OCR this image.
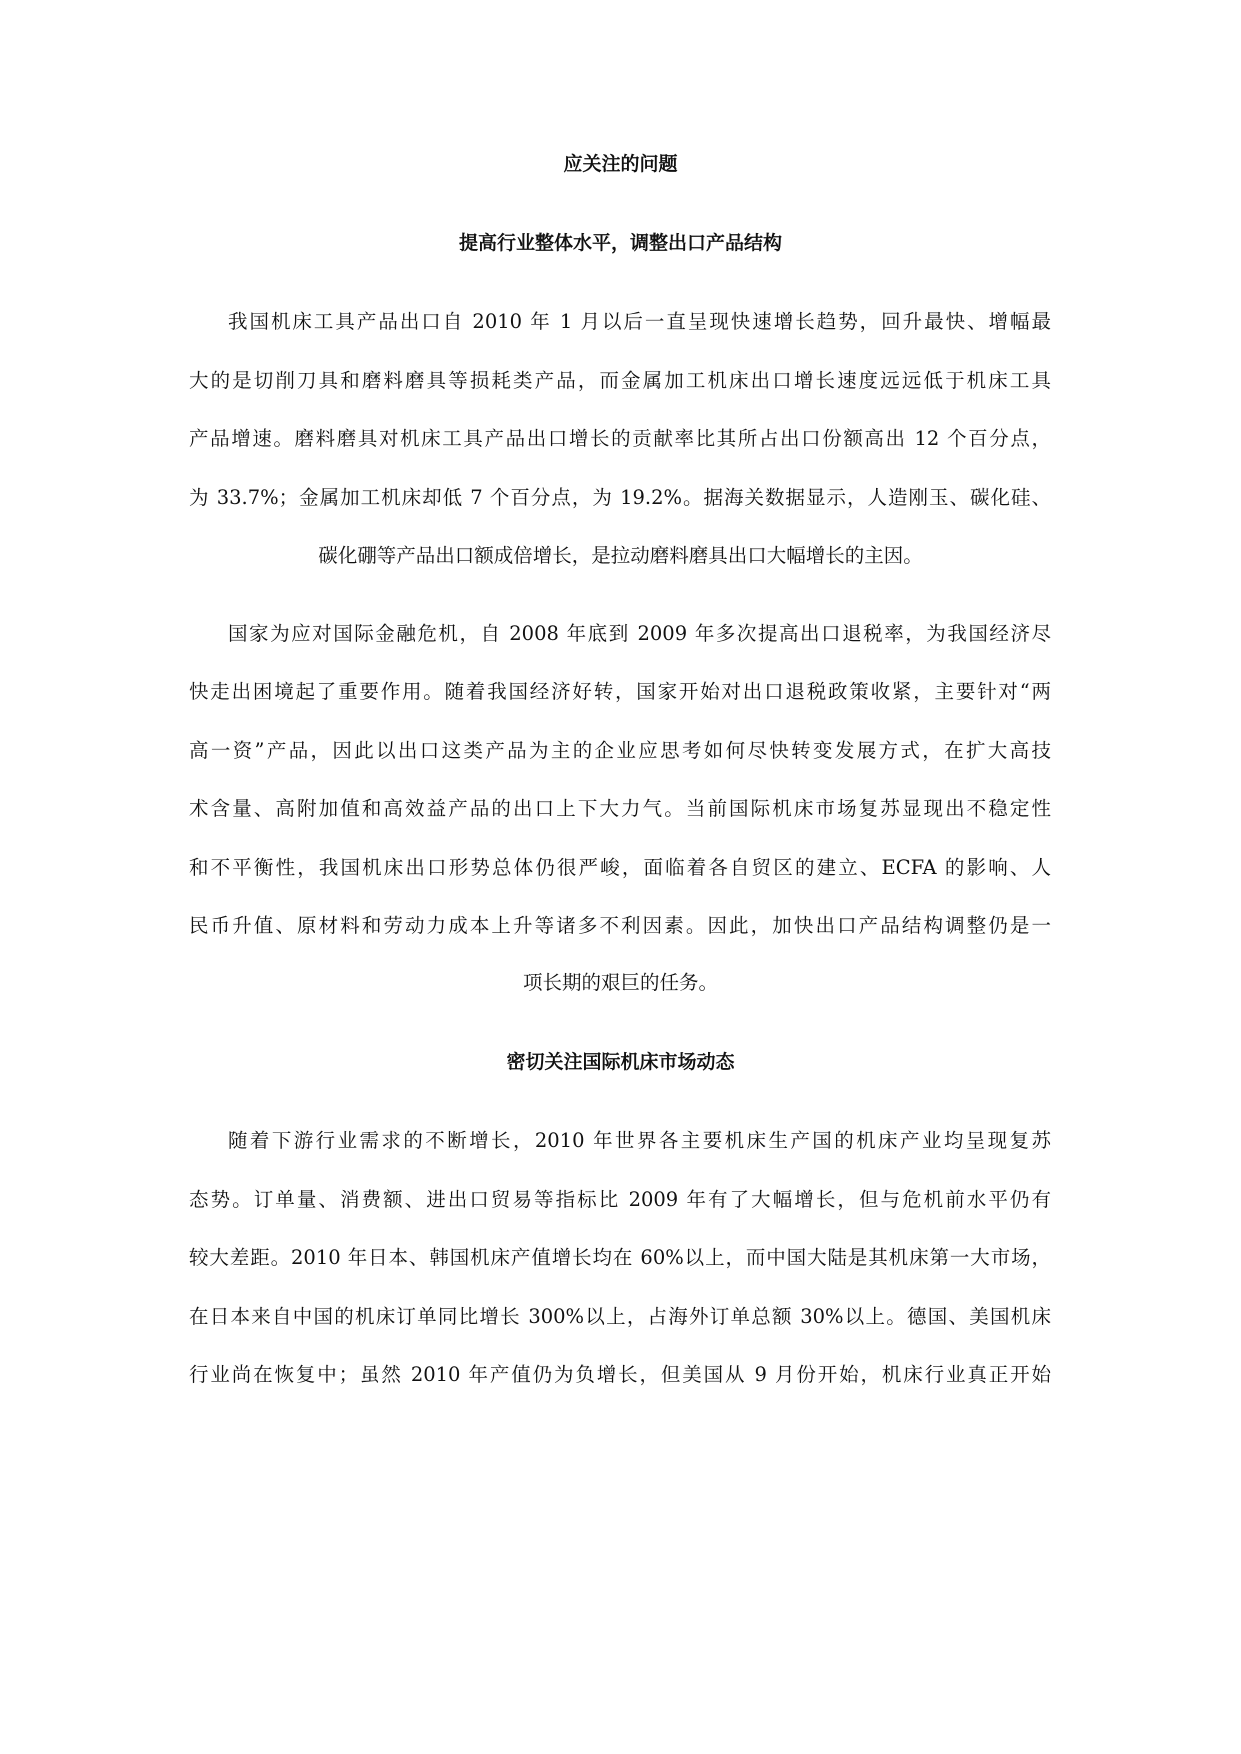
应关注的问题
提高行业整体水平，调整出口产品结构

我国机床工具产品出口自 2010 年 1 月以后一直呈现快速增长趋势，回升最快、增幅最

大的是切削刀具和磨料磨具等损耗类产品，而金属加工机床出口增长速度远远低于机床工具

产品增速。磨料磨具对机床工具产品出口增长的贡献率比其所占出口份额高出 12 个百分点，

为 33.7%；金属加工机床却低 7 个百分点，为 19.2%。据海关数据显示，人造刚玉、碳化硅、

碳化硼等产品出口额成倍增长，是拉动磨料磨具出口大幅增长的主因。

国家为应对国际金融危机，自 2008 年底到 2009 年多次提高出口退税率，为我国经济尽

快走出困境起了重要作用。随着我国经济好转，国家开始对出口退税政策收紧，主要针对“两

高一资”产品，因此以出口这类产品为主的企业应思考如何尽快转变发展方式，在扩大高技

术含量、高附加值和高效益产品的出口上下大力气。当前国际机床市场复苏显现出不稳定性

和不平衡性，我国机床出口形势总体仍很严峻，面临着各自贸区的建立、ECFA 的影响、人

民币升值、原材料和劳动力成本上升等诸多不利因素。因此，加快出口产品结构调整仍是一

项长期的艰巨的任务。

密切关注国际机床市场动态

随着下游行业需求的不断增长，2010 年世界各主要机床生产国的机床产业均呈现复苏

态势。订单量、消费额、进出口贸易等指标比 2009 年有了大幅增长，但与危机前水平仍有

较大差距。2010 年日本、韩国机床产值增长均在 60%以上，而中国大陆是其机床第一大市场，

在日本来自中国的机床订单同比增长 300%以上，占海外订单总额 30%以上。德国、美国机床

行业尚在恢复中；虽然 2010 年产值仍为负增长，但美国从 9 月份开始，机床行业真正开始
